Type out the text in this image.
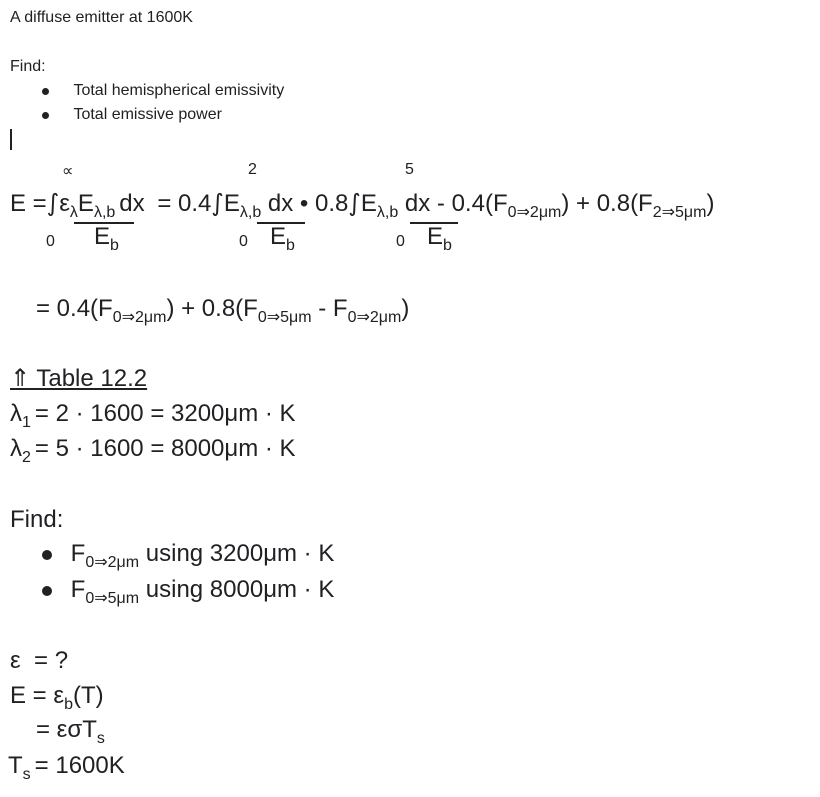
A diffuse emitter at 1600K
Find:
Total hemispherical emissivity
Total emissive power
∝	2	5
0	0	0
$E =\int\varepsilon_\lambda E_{\lambda,b}$ dx = $0.4\int E_{\lambda,b}$ dx • $0.8\int E_{\lambda,b}$ dx - $0.4(F_{0\Rightarrow 2\mu m}) + 0.8(F_{2\Rightarrow 5\mu m})$
$E_b$	$E_b$	$E_b$
= $0.4(F_{0\Rightarrow 2\mu m}) + 0.8(F_{0\Rightarrow 5\mu m} - F_{0\Rightarrow 2\mu m})$
⇑ Table 12.2
$\lambda_1 = 2 \cdot 1600 = 3200\mu m \cdot K$
$\lambda_2 = 5 \cdot 1600 = 8000\mu m \cdot K$
Find:
$F_{0\Rightarrow 2\mu m}$ using 3200μm · K
$F_{0\Rightarrow 5\mu m}$ using 8000μm · K
ε  = ?
$E = \varepsilon_b(T)$
= εσT$_s$
$T_s = 1600K$
